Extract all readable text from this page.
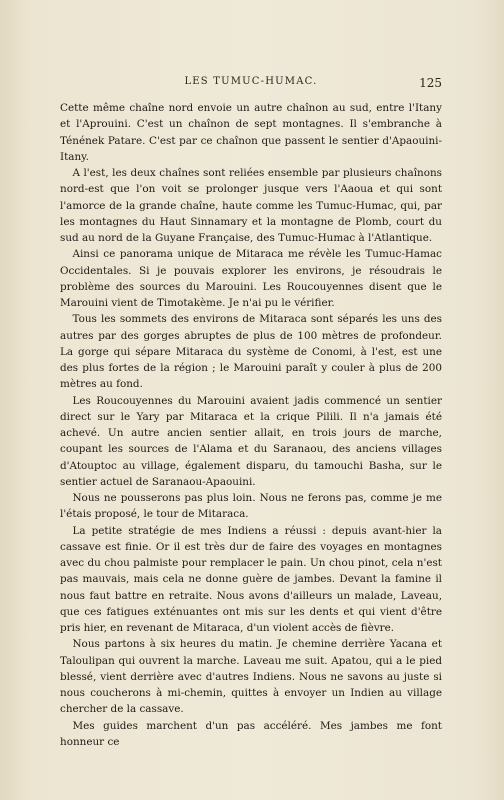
LES TUMUC-HUMAC.	125

Cette même chaîne nord envoie un autre chaînon au sud, entre l'Itany et l'Aprouini. C'est un chaînon de sept montagnes. Il s'embranche à Ténének Patare. C'est par ce chaînon que passent le sentier d'Apaouini-Itany.

A l'est, les deux chaînes sont reliées ensemble par plusieurs chaînons nord-est que l'on voit se prolonger jusque vers l'Aaoua et qui sont l'amorce de la grande chaîne, haute comme les Tumuc-Humac, qui, par les montagnes du Haut Sinnamary et la montagne de Plomb, court du sud au nord de la Guyane Française, des Tumuc-Humac à l'Atlantique.

Ainsi ce panorama unique de Mitaraca me révèle les Tumuc-Hamac Occidentales. Si je pouvais explorer les environs, je résoudrais le problème des sources du Marouini. Les Roucouyennes disent que le Marouini vient de Timotakème. Je n'ai pu le vérifier.

Tous les sommets des environs de Mitaraca sont séparés les uns des autres par des gorges abruptes de plus de 100 mètres de profondeur. La gorge qui sépare Mitaraca du système de Conomi, à l'est, est une des plus fortes de la région ; le Marouini paraît y couler à plus de 200 mètres au fond.

Les Roucouyennes du Marouini avaient jadis commencé un sentier direct sur le Yary par Mitaraca et la crique Pilili. Il n'a jamais été achevé. Un autre ancien sentier allait, en trois jours de marche, coupant les sources de l'Alama et du Saranaou, des anciens villages d'Atouptoc au village, également disparu, du tamouchi Basha, sur le sentier actuel de Saranaou-Apaouini.

Nous ne pousserons pas plus loin. Nous ne ferons pas, comme je me l'étais proposé, le tour de Mitaraca.

La petite stratégie de mes Indiens a réussi : depuis avant-hier la cassave est finie. Or il est très dur de faire des voyages en montagnes avec du chou palmiste pour remplacer le pain. Un chou pinot, cela n'est pas mauvais, mais cela ne donne guère de jambes. Devant la famine il nous faut battre en retraite. Nous avons d'ailleurs un malade, Laveau, que ces fatigues exténuantes ont mis sur les dents et qui vient d'être pris hier, en revenant de Mitaraca, d'un violent accès de fièvre.

Nous partons à six heures du matin. Je chemine derrière Yacana et Taloulipan qui ouvrent la marche. Laveau me suit. Apatou, qui a le pied blessé, vient derrière avec d'autres Indiens. Nous ne savons au juste si nous coucherons à mi-chemin, quittes à envoyer un Indien au village chercher de la cassave.

Mes guides marchent d'un pas accéléré. Mes jambes me font honneur ce
